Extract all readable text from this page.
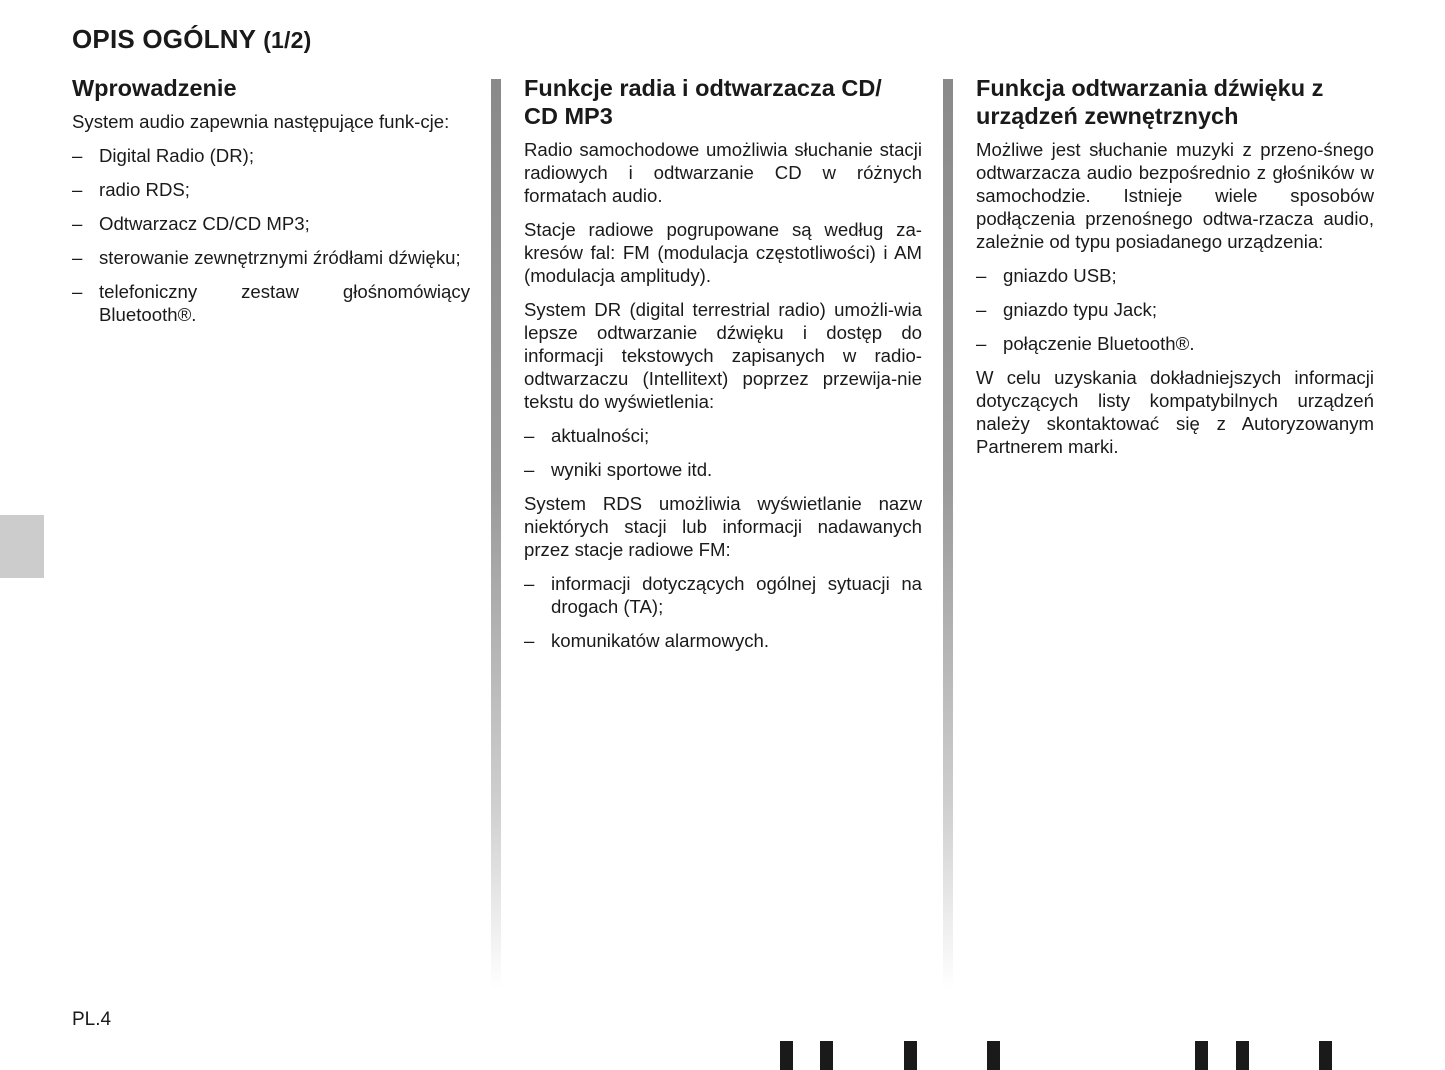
OPIS OGÓLNY (1/2)
Wprowadzenie

System audio zapewnia następujące funk-cje:

– Digital Radio (DR);
– radio RDS;
– Odtwarzacz CD/CD MP3;
– sterowanie zewnętrznymi źródłami dźwięku;
– telefoniczny zestaw głośnomówiący Bluetooth®.
Funkcje radia i odtwarzacza CD/ CD MP3

Radio samochodowe umożliwia słuchanie stacji radiowych i odtwarzanie CD w różnych formatach audio.

Stacje radiowe pogrupowane są według za-kresów fal: FM (modulacja częstotliwości) i AM (modulacja amplitudy).

System DR (digital terrestrial radio) umożli-wia lepsze odtwarzanie dźwięku i dostęp do informacji tekstowych zapisanych w radio-odtwarzaczu (Intellitext) poprzez przewija-nie tekstu do wyświetlenia:

– aktualności;
– wyniki sportowe itd.

System RDS umożliwia wyświetlanie nazw niektórych stacji lub informacji nadawanych przez stacje radiowe FM:

– informacji dotyczących ogólnej sytuacji na drogach (TA);
– komunikatów alarmowych.
Funkcja odtwarzania dźwięku z urządzeń zewnętrznych

Możliwe jest słuchanie muzyki z przeno-śnego odtwarzacza audio bezpośrednio z głośników w samochodzie. Istnieje wiele sposobów podłączenia przenośnego odtwa-rzacza audio, zależnie od typu posiadanego urządzenia:

– gniazdo USB;
– gniazdo typu Jack;
– połączenie Bluetooth®.

W celu uzyskania dokładniejszych informacji dotyczących listy kompatybilnych urządzeń należy skontaktować się z Autoryzowanym Partnerem marki.

PL.4
